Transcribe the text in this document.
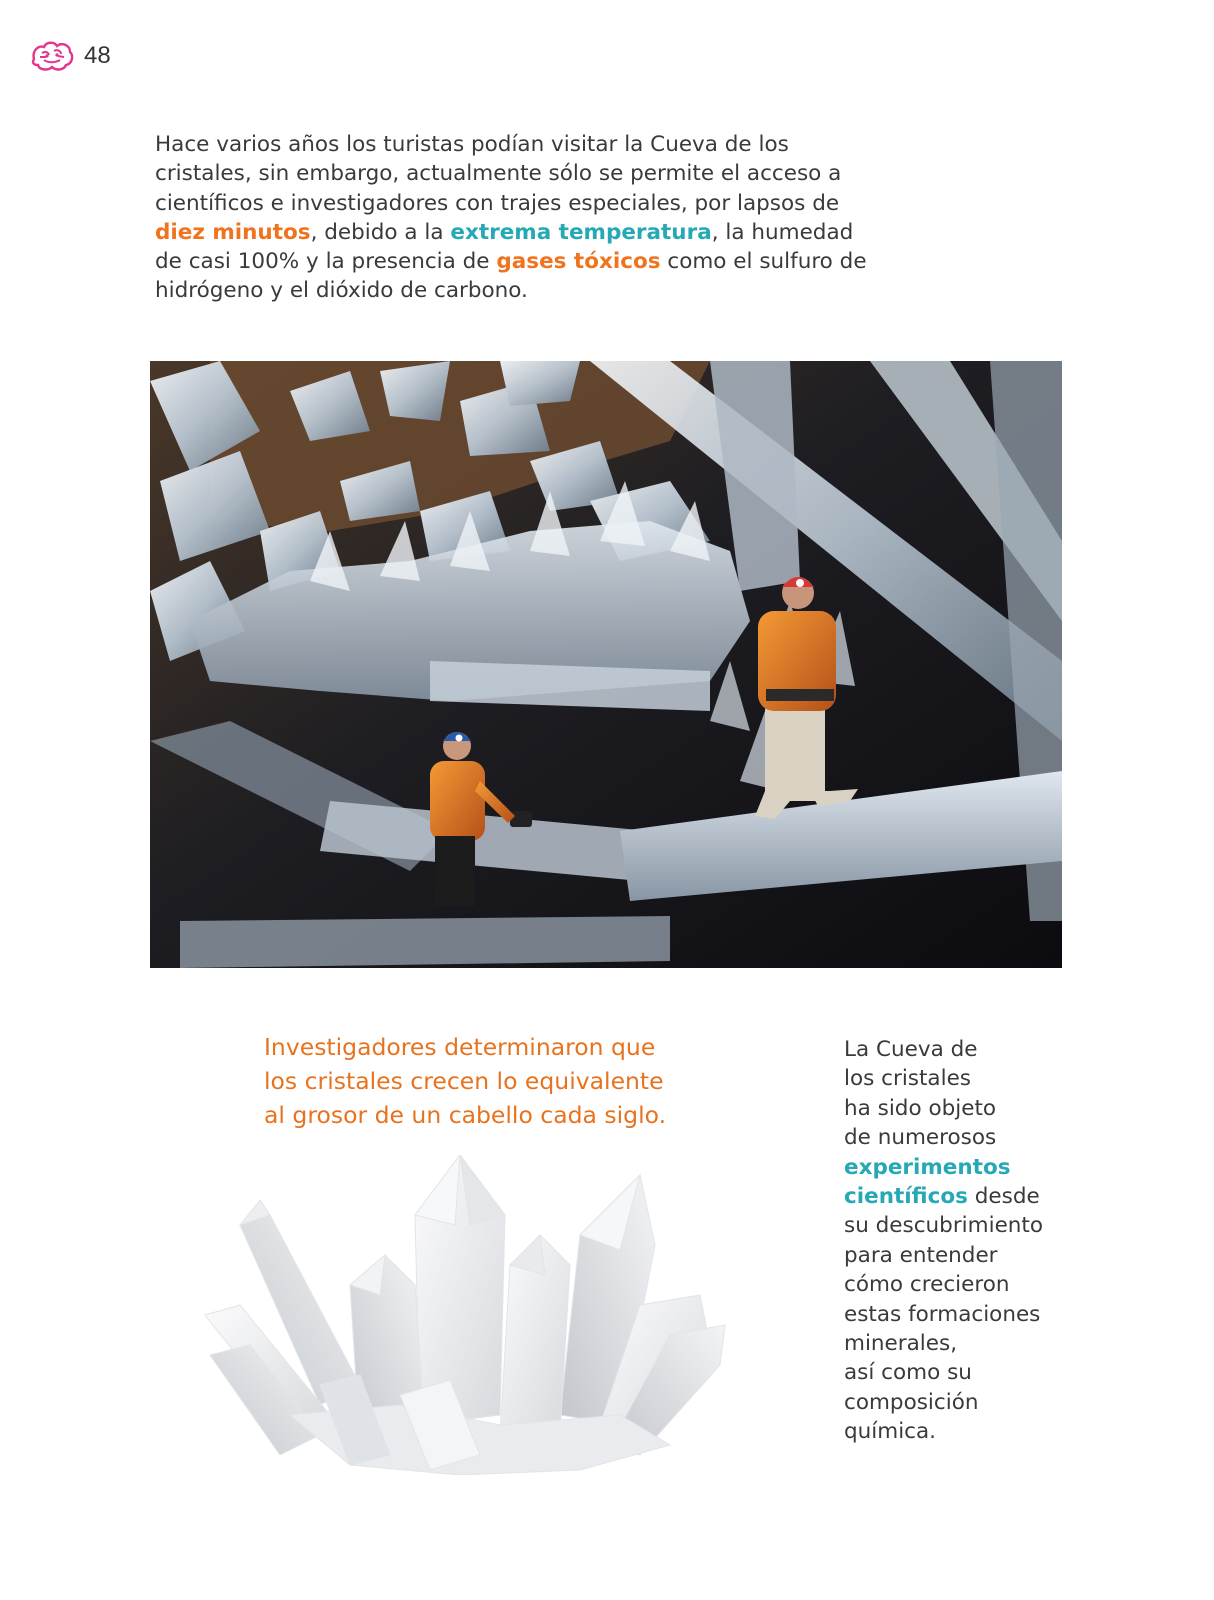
48

Hace varios años los turistas podían visitar la Cueva de los cristales, sin embargo, actualmente sólo se permite el acceso a científicos e investigadores con trajes especiales, por lapsos de diez minutos, debido a la extrema temperatura, la humedad de casi 100% y la presencia de gases tóxicos como el sulfuro de hidrógeno y el dióxido de carbono.

Investigadores determinaron que
los cristales crecen lo equivalente
al grosor de un cabello cada siglo.

La Cueva de
los cristales
ha sido objeto
de numerosos
experimentos
científicos desde
su descubrimiento
para entender
cómo crecieron
estas formaciones
minerales,
así como su
composición
química.
